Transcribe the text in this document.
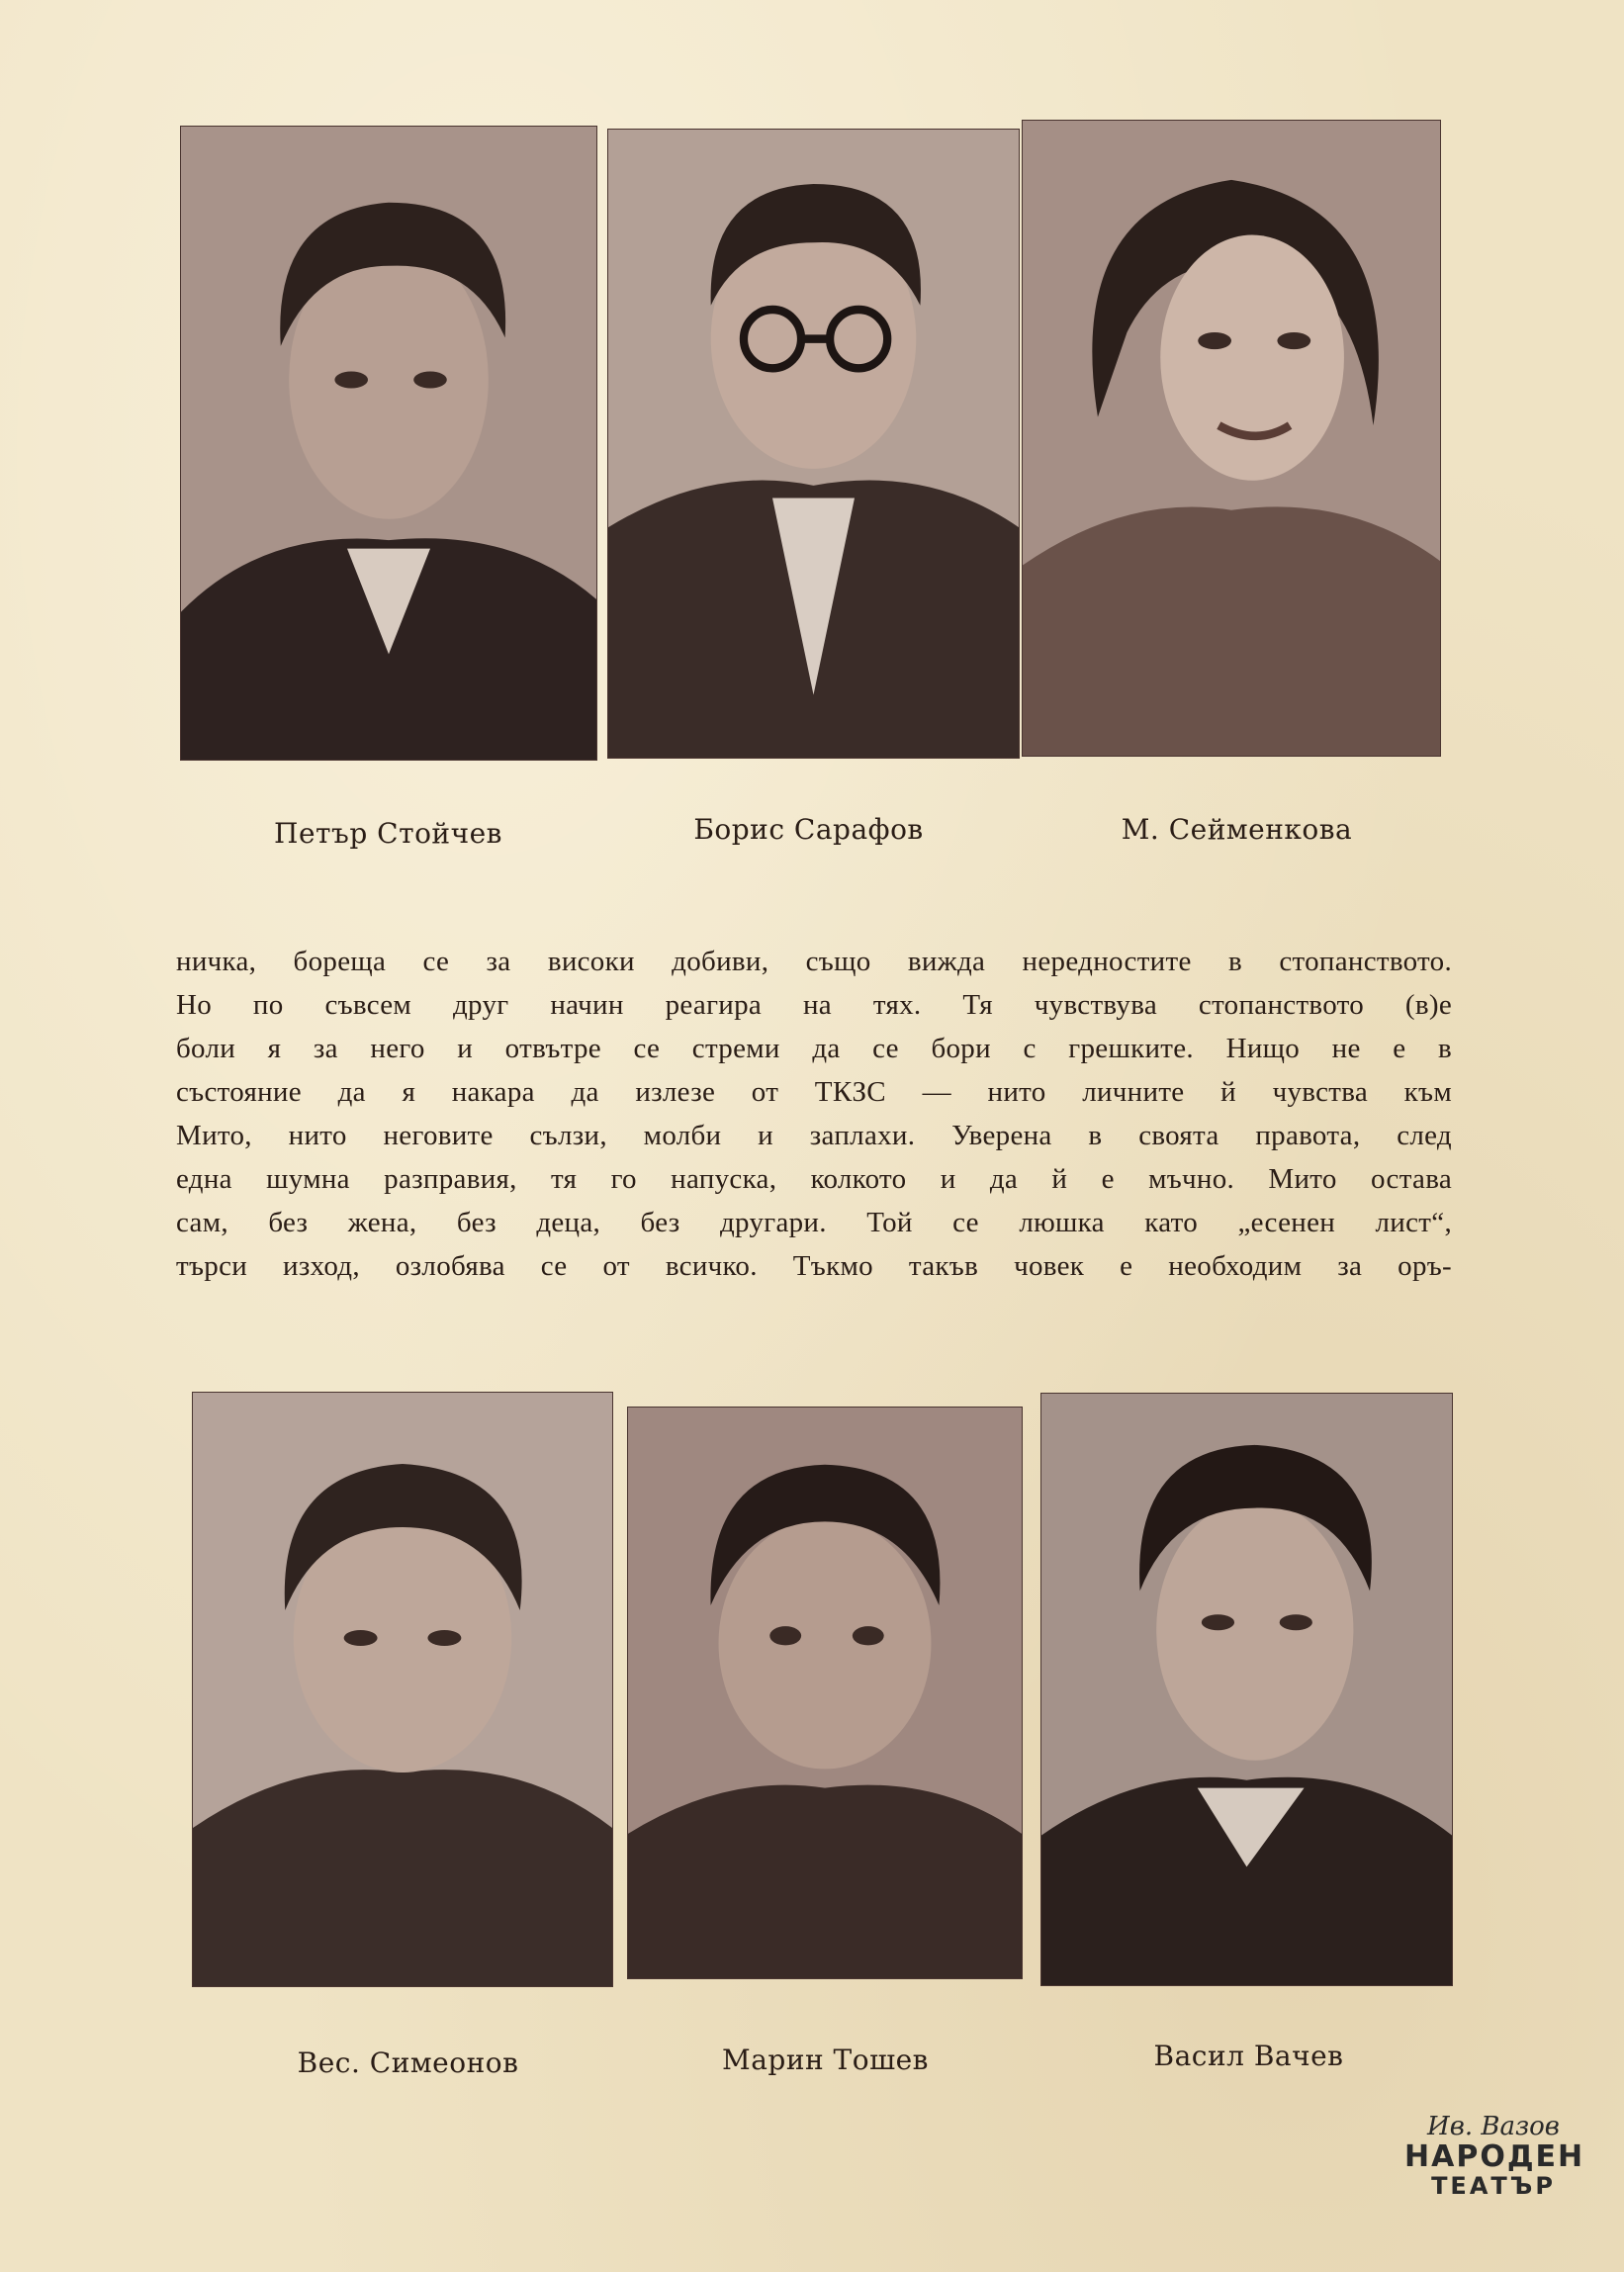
Петър Стойчев	Борис Сарафов	М. Сейменкова
ничка, бореща се за високи добиви, също вижда нередностите в стопанството.
Но по съвсем друг начин реагира на тях. Тя чувствува стопанството (в)е
боли я за него и отвътре се стреми да се бори с грешките. Нищо не е в
състояние да я накара да излезе от ТКЗС — нито личните й чувства към
Мито, нито неговите сълзи, молби и заплахи. Уверена в своята правота, след
една шумна разправия, тя го напуска, колкото и да й е мъчно. Мито остава
сам, без жена, без деца, без другари. Той се люшка като „есенен лист“,
търси изход, озлобява се от всичко. Тъкмо такъв човек е необходим за оръ-
Вес. Симеонов	Марин Тошев	Васил Вачев
Ив. Вазов
НАРОДЕН
ТЕАТЪР
